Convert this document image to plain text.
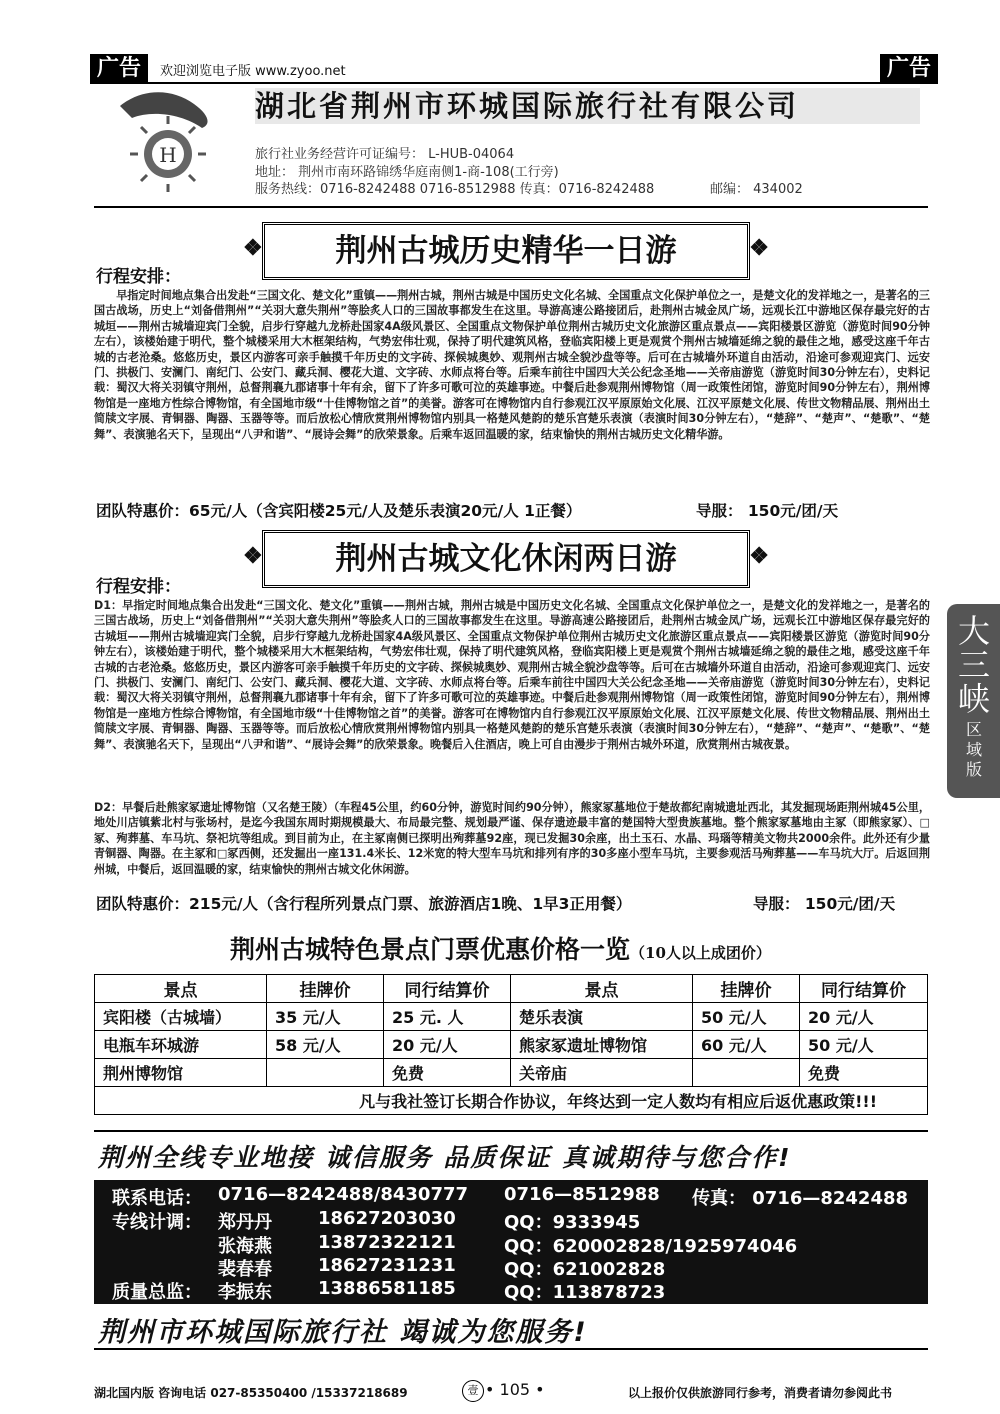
广告	欢迎浏览电子版 www.zyoo.net	广告
H
湖北省荆州市环城国际旅行社有限公司
旅行社业务经营许可证编号： L-HUB-04064
地址： 荆州市南环路锦绣华庭南侧1-商-108(工行旁)
服务热线：0716-8242488 0716-8512988 传真：0716-8242488	邮编： 434002
❖ 荆州古城历史精华一日游 ❖
行程安排：
早指定时间地点集合出发赴“三国文化、楚文化”重镇——荆州古城，荆州古城是中国历史文化名城、全国重点文化保护单位之一，是楚文化的发祥地之一，是著名的三国古战场，历史上“刘备借荆州”“关羽大意失荆州”等脍炙人口的三国故事都发生在这里。导游高速公路接团后，赴荆州古城金凤广场，远观长江中游地区保存最完好的古城垣——荆州古城墙迎宾门全貌，启步行穿越九龙桥赴国家4A级风景区、全国重点文物保护单位荆州古城历史文化旅游区重点景点——宾阳楼景区游览（游览时间90分钟左右），该楼始建于明代，整个城楼采用大木框架结构，气势宏伟壮观，保持了明代建筑风格，登临宾阳楼上更是观赏个荆州古城墙延绵之貌的最佳之地，感受这座千年古城的古老沧桑。悠悠历史，景区内游客可亲手触摸千年历史的文字砖、探候城奥妙、观荆州古城全貌沙盘等等。后可在古城墙外环道自由活动，沿途可参观迎宾门、远安门、拱极门、安澜门、南纪门、公安门、藏兵洞、樱花大道、文字砖、水师点将台等。后乘车前往中国四大关公纪念圣地——关帝庙游览（游览时间30分钟左右），史料记载：蜀汉大将关羽镇守荆州，总督荆襄九郡诸事十年有余，留下了许多可歌可泣的英雄事迹。中餐后赴参观荆州博物馆（周一政策性闭馆，游览时间90分钟左右），荆州博物馆是一座地方性综合博物馆，有全国地市级“十佳博物馆之首”的美誉。游客可在博物馆内自行参观江汉平原原始文化展、江汉平原楚文化展、传世文物精品展、荆州出土简牍文字展、青铜器、陶器、玉器等等。而后放松心情欣赏荆州博物馆内别具一格楚风楚韵的楚乐宫楚乐表演（表演时间30分钟左右），“楚辞”、“楚声”、“楚歌”、“楚舞”、表演驰名天下，呈现出“八尹和谐”、“展诗会舞”的欣荣景象。后乘车返回温暖的家，结束愉快的荆州古城历史文化精华游。
团队特惠价：65元/人（含宾阳楼25元/人及楚乐表演20元/人 1正餐）	导服： 150元/团/天
❖ 荆州古城文化休闲两日游 ❖
行程安排：
D1：早指定时间地点集合出发赴“三国文化、楚文化”重镇——荆州古城，荆州古城是中国历史文化名城、全国重点文化保护单位之一，是楚文化的发祥地之一，是著名的三国古战场，历史上“刘备借荆州”“关羽大意失荆州”等脍炙人口的三国故事都发生在这里。导游高速公路接团后，赴荆州古城金凤广场，远观长江中游地区保存最完好的古城垣——荆州古城墙迎宾门全貌，启步行穿越九龙桥赴国家4A级风景区、全国重点文物保护单位荆州古城历史文化旅游区重点景点——宾阳楼景区游览（游览时间90分钟左右），该楼始建于明代，整个城楼采用大木框架结构，气势宏伟壮观，保持了明代建筑风格，登临宾阳楼上更是观赏个荆州古城墙延绵之貌的最佳之地，感受这座千年古城的古老沧桑。悠悠历史，景区内游客可亲手触摸千年历史的文字砖、探候城奥妙、观荆州古城全貌沙盘等等。后可在古城墙外环道自由活动，沿途可参观迎宾门、远安门、拱极门、安澜门、南纪门、公安门、藏兵洞、樱花大道、文字砖、水师点将台等。后乘车前往中国四大关公纪念圣地——关帝庙游览（游览时间30分钟左右），史料记载：蜀汉大将关羽镇守荆州，总督荆襄九郡诸事十年有余，留下了许多可歌可泣的英雄事迹。中餐后赴参观荆州博物馆（周一政策性闭馆，游览时间90分钟左右），荆州博物馆是一座地方性综合博物馆，有全国地市级“十佳博物馆之首”的美誉。游客可在博物馆内自行参观江汉平原原始文化展、江汉平原楚文化展、传世文物精品展、荆州出土简牍文字展、青铜器、陶器、玉器等等。而后放松心情欣赏荆州博物馆内别具一格楚风楚韵的楚乐宫楚乐表演（表演时间30分钟左右），“楚辞”、“楚声”、“楚歌”、“楚舞”、表演驰名天下，呈现出“八尹和谐”、“展诗会舞”的欣荣景象。晚餐后入住酒店，晚上可自由漫步于荆州古城外环道，欣赏荆州古城夜景。
D2：早餐后赴熊家冢遗址博物馆（又名楚王陵）（车程45公里，约60分钟，游览时间约90分钟），熊家冢墓地位于楚故都纪南城遗址西北，其发掘现场距荆州城45公里，地处川店镇紫北村与张场村，是迄今我国东周时期规模最大、布局最完整、规划最严谨、保存遗迹最丰富的楚国特大型贵族墓地。整个熊家冢墓地由主冢（即熊家冢）、□冢、殉葬墓、车马坑、祭祀坑等组成。到目前为止，在主冢南侧已探明出殉葬墓92座，现已发掘30余座，出土玉石、水晶、玛瑙等精美文物共2000余件。此外还有少量青铜器、陶器。在主冢和□冢西侧，还发掘出一座131.4米长、12米宽的特大型车马坑和排列有序的30多座小型车马坑，主要参观活马殉葬墓——车马坑大厅。后返回荆州城，中餐后，返回温暖的家，结束愉快的荆州古城文化休闲游。
团队特惠价：215元/人（含行程所列景点门票、旅游酒店1晚、1早3正用餐）	导服： 150元/团/天
大三峡
区域版
荆州古城特色景点门票优惠价格一览（10人以上成团价）
景点	挂牌价	同行结算价	景点	挂牌价	同行结算价
宾阳楼（古城墙）	35 元/人	25 元. 人	楚乐表演	50 元/人	20 元/人
电瓶车环城游	58 元/人	20 元/人	熊家冢遗址博物馆	60 元/人	50 元/人
荆州博物馆		免费	关帝庙		免费
凡与我社签订长期合作协议，年终达到一定人数均有相应后返优惠政策!!!					
荆州全线专业地接 诚信服务 品质保证 真诚期待与您合作!
联系电话： 0716—8242488/8430777 0716—8512988 传真： 0716—8242488
专线计调： 郑丹丹	18627203030	QQ：9333945
张海燕	13872322121	QQ：620002828/1925974046
裴春春	18627231231	QQ：621002828
质量总监： 李振东	13886581185	QQ：113878723
荆州市环城国际旅行社 竭诚为您服务!
湖北国内版 咨询电话 027-85350400 /15337218689	壹 • 105 •	以上报价仅供旅游同行参考，消费者请勿参阅此书
